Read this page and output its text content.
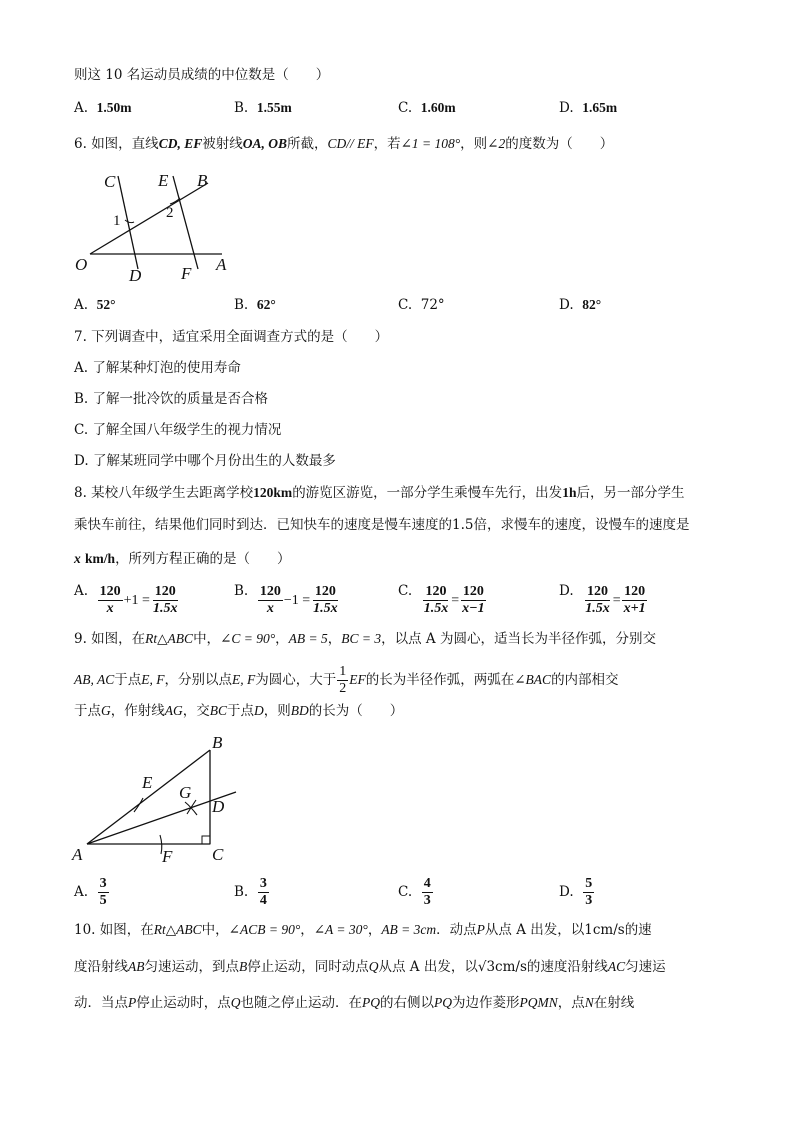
则这 10 名运动员成绩的中位数是（　　）
A. 1.50m	B. 1.55m	C. 1.60m	D. 1.65m
6. 如图，直线CD, EF被射线OA, OB所截，CD// EF，若∠1 = 108°，则∠2的度数为（　　）
C	E B
1	2
O
D F A
A. 52°	B. 62°	C. 72°	D. 82°
7. 下列调查中，适宜采用全面调查方式的是（　　）
A. 了解某种灯泡的使用寿命
B. 了解一批冷饮的质量是否合格
C. 了解全国八年级学生的视力情况
D. 了解某班同学中哪个月份出生的人数最多
8. 某校八年级学生去距离学校120km的游览区游览，一部分学生乘慢车先行，出发1h后，另一部分学生
乘快车前往，结果他们同时到达．已知快车的速度是慢车速度的1.5倍，求慢车的速度，设慢车的速度是
x km/h，所列方程正确的是（　　）
A. $\frac{120}{x} +1 = \frac{120}{1.5x}$	B. $\frac{120}{x} -1 = \frac{120}{1.5x}$	C. $\frac{120}{1.5x} = \frac{120}{x-1}$	D. $\frac{120}{1.5x} = \frac{120}{x+1}$
9. 如图，在Rt△ABC中，∠C = 90°，AB = 5，BC = 3，以点 A 为圆心，适当长为半径作弧，分别交
AB, AC于点E, F，分别以点E, F为圆心，大于 $\frac{1}{2}$ EF的长为半径作弧，两弧在∠BAC的内部相交
于点G，作射线AG，交BC于点D，则BD的长为（　　）
B
E
G
D
A	F C
A. $\frac{3}{5}$	B. $\frac{3}{4}$	C. $\frac{4}{3}$	D. $\frac{5}{3}$
10. 如图，在Rt△ABC中，∠ACB = 90°，∠A = 30°，AB = 3cm．动点P从点 A 出发，以1cm/s的速
度沿射线AB匀速运动，到点B停止运动，同时动点Q从点 A 出发，以√3cm/s的速度沿射线AC匀速运
动．当点P停止运动时，点Q也随之停止运动．在PQ的右侧以PQ为边作菱形PQMN，点N在射线
